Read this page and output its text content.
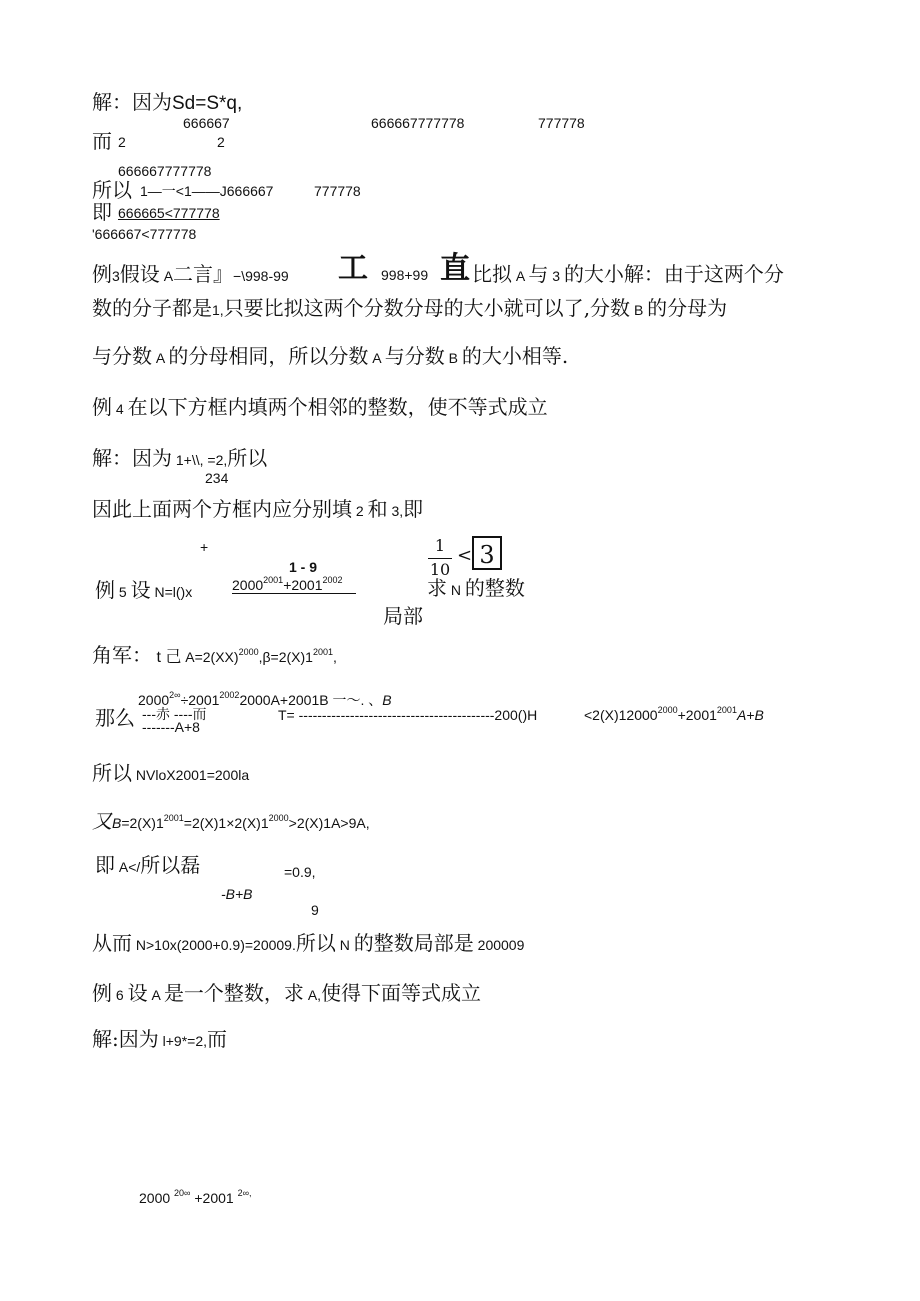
解：因为Sd=S*q,
666667	666667777778	777778
而 2	2
666667777778
所以 1—一<1——J666667	777778
即 666665<777778
'666667<777778
例3假设 A二言』−\998-99 工 998+99 直 比拟 A 与 3 的大小解：由于这两个分
数的分子都是1,只要比拟这两个分数分母的大小就可以了,分数 B 的分母为
与分数 A 的分母相同，所以分数 A 与分数 B 的大小相等.
例 4 在以下方框内填两个相邻的整数，使不等式成立
解：因为 1+\\, =2,所以
234
因此上面两个方框内应分别填 2 和 3,即
+
1 - 9
$2000^{2001}+2001^{2002}$
1
10
< 3
例 5 设 N=l()x	求 N 的整数
局部
角军： t 己 $A=2(XX)^{2000},\beta=2(X)1^{2001}$,
$2000^{2\infty}\div 2001^{2002}2000A+2001B$ 一〜. 、B
那么 ---赤 ----而	T= ------------------------------------------200()H	$<2(X)12000^{2000}+2001^{2001}A+B$
-------A+8
所以 NVloX2001=200la
又$B=2(X)1^{2001}=2(X)1\times 2(X)1^{2000}>2(X)1A>9A$,
即 A</所以磊	=0.9,
-B+B
9
从而 N>10x(2000+0.9)=20009.所以 N 的整数局部是 200009
例 6 设 A 是一个整数，求 A,使得下面等式成立
解:因为 l+9*=2,而
2000 $^{20\infty}$ +2001 $^{2\infty,}$
